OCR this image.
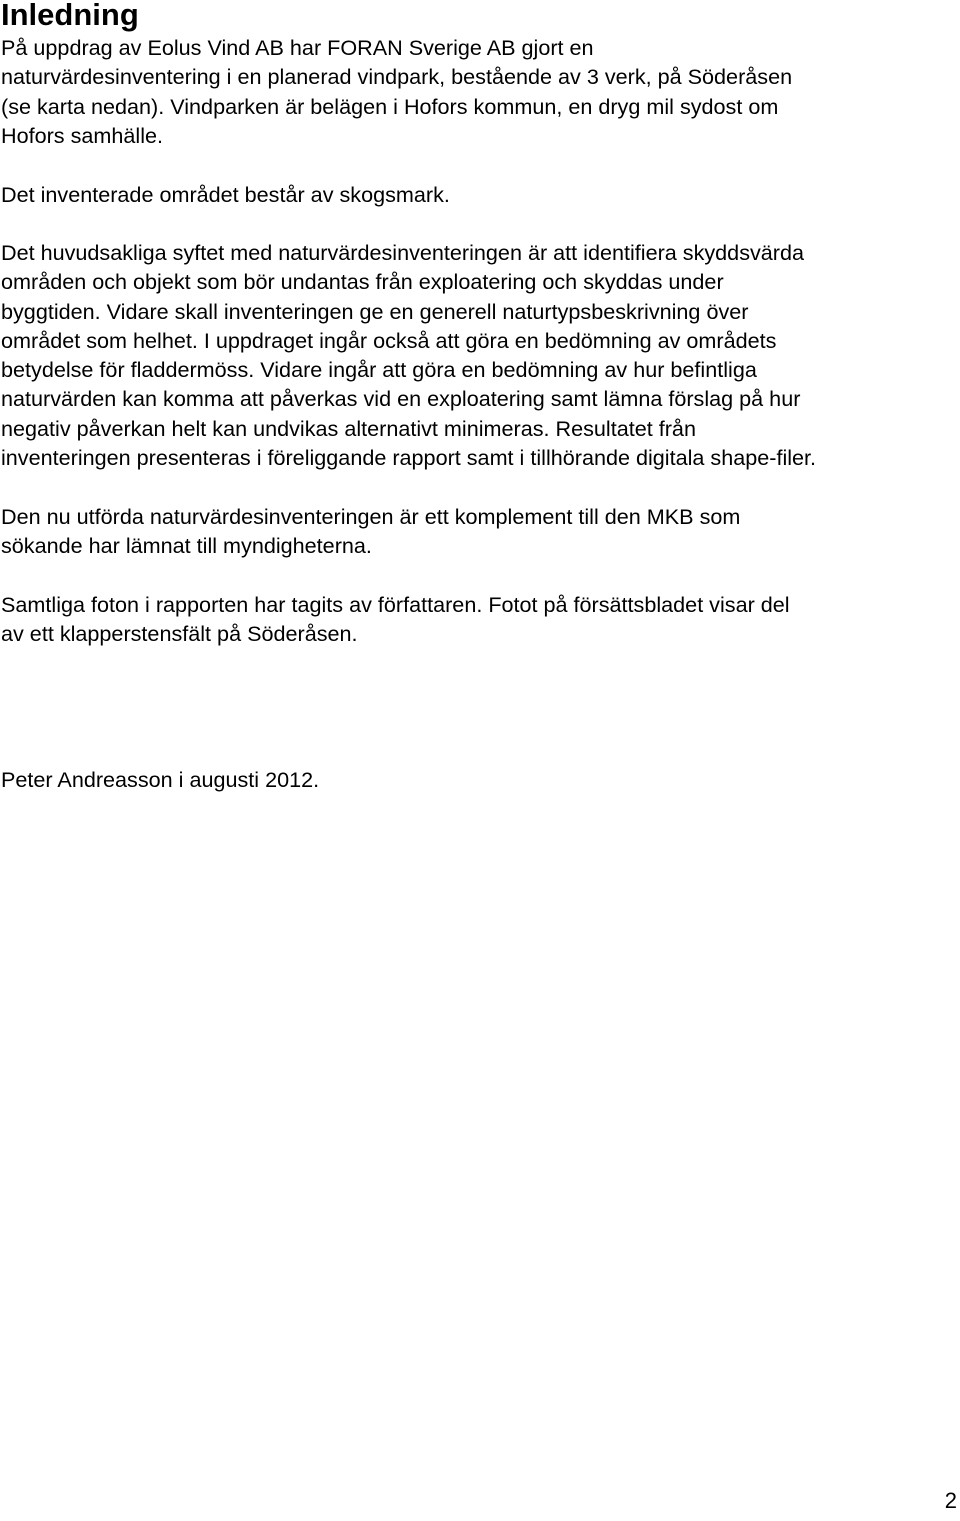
Inledning

På uppdrag av Eolus Vind AB har FORAN Sverige AB gjort en
naturvärdesinventering i en planerad vindpark, bestående av 3 verk, på Söderåsen
(se karta nedan). Vindparken är belägen i Hofors kommun, en dryg mil sydost om
Hofors samhälle.

Det inventerade området består av skogsmark.

Det huvudsakliga syftet med naturvärdesinventeringen är att identifiera skyddsvärda
områden och objekt som bör undantas från exploatering och skyddas under
byggtiden. Vidare skall inventeringen ge en generell naturtypsbeskrivning över
området som helhet. I uppdraget ingår också att göra en bedömning av områdets
betydelse för fladdermöss. Vidare ingår att göra en bedömning av hur befintliga
naturvärden kan komma att påverkas vid en exploatering samt lämna förslag på hur
negativ påverkan helt kan undvikas alternativt minimeras. Resultatet från
inventeringen presenteras i föreliggande rapport samt i tillhörande digitala shape-filer.

Den nu utförda naturvärdesinventeringen är ett komplement till den MKB som
sökande har lämnat till myndigheterna.

Samtliga foton i rapporten har tagits av författaren. Fotot på försättsbladet visar del
av ett klapperstensfält på Söderåsen.

Peter Andreasson i augusti 2012.

2
